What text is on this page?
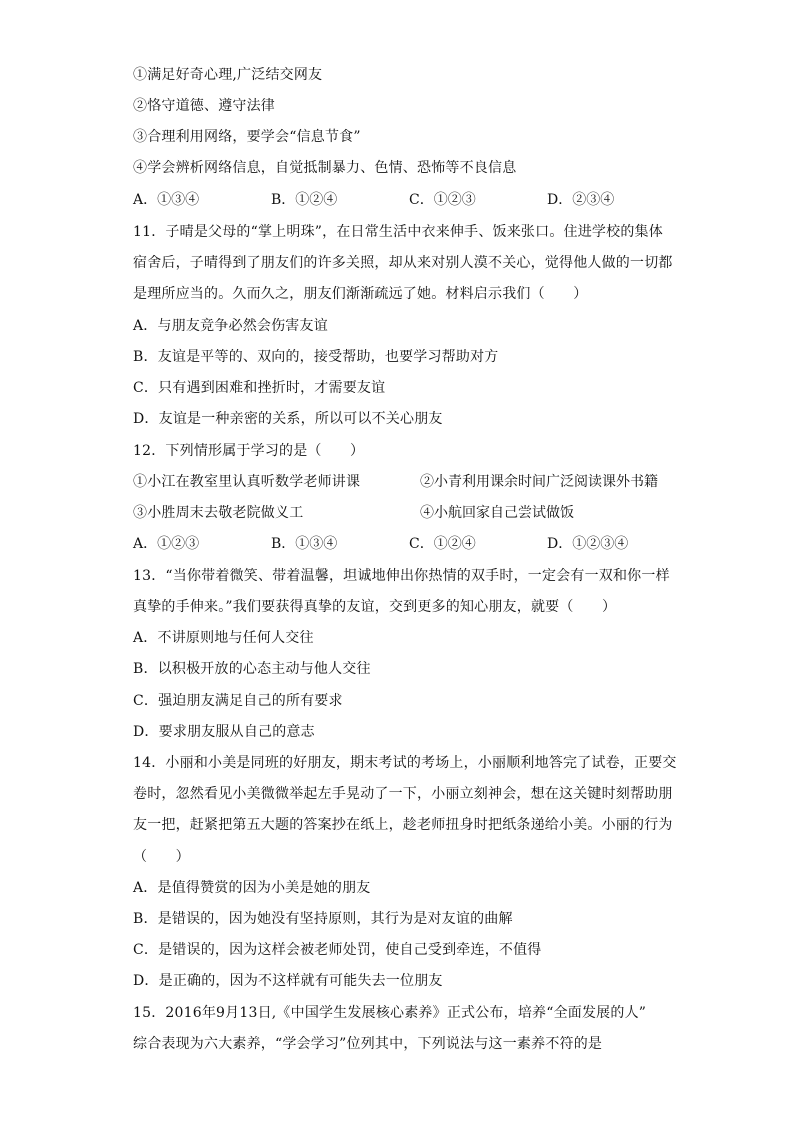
①满足好奇心理,广泛结交网友
②恪守道德、遵守法律
③合理利用网络，要学会“信息节食”
④学会辨析网络信息，自觉抵制暴力、色情、恐怖等不良信息
A．①③④	B．①②④	C．①②③	D．②③④
11．子晴是父母的“掌上明珠”，在日常生活中衣来伸手、饭来张口。住进学校的集体
宿舍后，子晴得到了朋友们的许多关照，却从来对别人漠不关心，觉得他人做的一切都
是理所应当的。久而久之，朋友们渐渐疏远了她。材料启示我们（　　）
A．与朋友竞争必然会伤害友谊
B．友谊是平等的、双向的，接受帮助，也要学习帮助对方
C．只有遇到困难和挫折时，才需要友谊
D．友谊是一种亲密的关系，所以可以不关心朋友
12．下列情形属于学习的是（　　）
①小江在教室里认真听数学老师讲课	②小青利用课余时间广泛阅读课外书籍
③小胜周末去敬老院做义工	④小航回家自己尝试做饭
A．①②③	B．①③④	C．①②④	D．①②③④
13．“当你带着微笑、带着温馨，坦诚地伸出你热情的双手时，一定会有一双和你一样
真挚的手伸来。”我们要获得真挚的友谊，交到更多的知心朋友，就要（　　）
A．不讲原则地与任何人交往
B．以积极开放的心态主动与他人交往
C．强迫朋友满足自己的所有要求
D．要求朋友服从自己的意志
14．小丽和小美是同班的好朋友，期末考试的考场上，小丽顺利地答完了试卷，正要交
卷时，忽然看见小美微微举起左手晃动了一下，小丽立刻神会，想在这关键时刻帮助朋
友一把，赶紧把第五大题的答案抄在纸上，趁老师扭身时把纸条递给小美。小丽的行为
（　　）
A．是值得赞赏的因为小美是她的朋友
B．是错误的，因为她没有坚持原则，其行为是对友谊的曲解
C．是错误的，因为这样会被老师处罚，使自己受到牵连，不值得
D．是正确的，因为不这样就有可能失去一位朋友
15．2016年9月13日,《中国学生发展核心素养》正式公布，培养“全面发展的人”
综合表现为六大素养，“学会学习”位列其中，下列说法与这一素养不符的是
